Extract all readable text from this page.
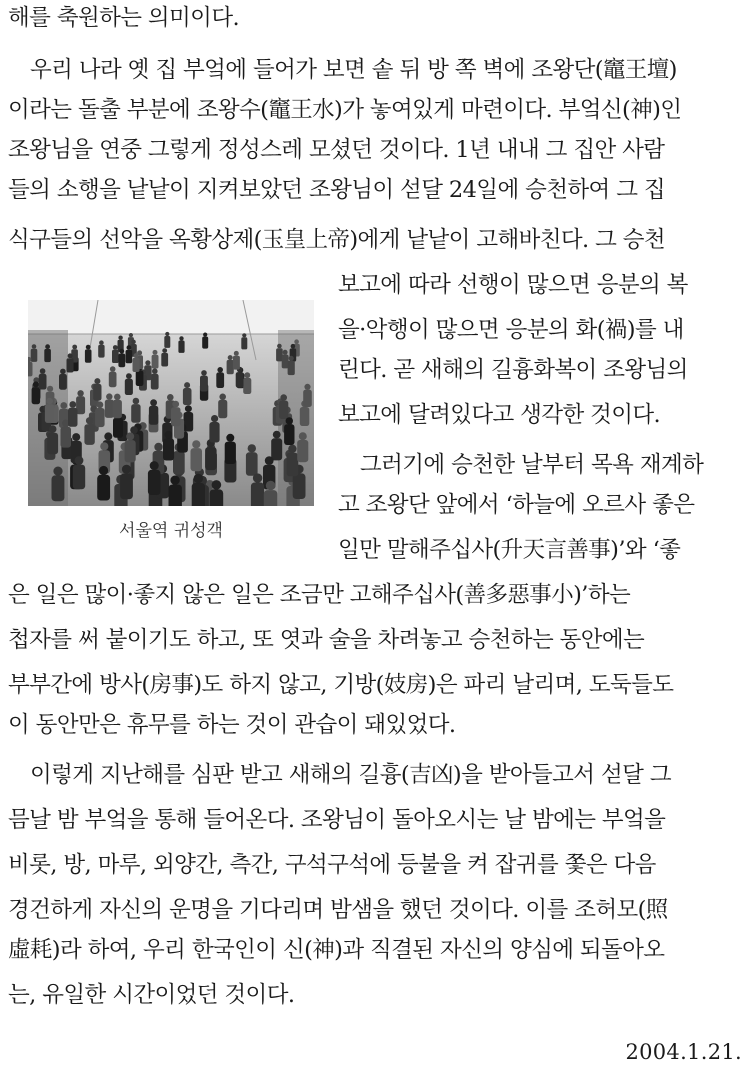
해를 축원하는 의미이다.
우리 나라 옛 집 부엌에 들어가 보면 솥 뒤 방 쪽 벽에 조왕단(竈王壇)
이라는 돌출 부분에 조왕수(竈王水)가 놓여있게 마련이다. 부엌신(神)인
조왕님을 연중 그렇게 정성스레 모셨던 것이다. 1년 내내 그 집안 사람
들의 소행을 낱낱이 지켜보았던 조왕님이 섣달 24일에 승천하여 그 집
식구들의 선악을 옥황상제(玉皇上帝)에게 낱낱이 고해바친다. 그 승천
보고에 따라 선행이 많으면 응분의 복
을·악행이 많으면 응분의 화(禍)를 내
린다. 곧 새해의 길흉화복이 조왕님의
보고에 달려있다고 생각한 것이다.
그러기에 승천한 날부터 목욕 재계하
고 조왕단 앞에서 ‘하늘에 오르사 좋은
일만 말해주십사(升天言善事)’와 ‘좋
은 일은 많이·좋지 않은 일은 조금만 고해주십사(善多惡事小)’하는
첩자를 써 붙이기도 하고, 또 엿과 술을 차려놓고 승천하는 동안에는
부부간에 방사(房事)도 하지 않고, 기방(妓房)은 파리 날리며, 도둑들도
이 동안만은 휴무를 하는 것이 관습이 돼있었다.
이렇게 지난해를 심판 받고 새해의 길흉(吉凶)을 받아들고서 섣달 그
믐날 밤 부엌을 통해 들어온다. 조왕님이 돌아오시는 날 밤에는 부엌을
비롯, 방, 마루, 외양간, 측간, 구석구석에 등불을 켜 잡귀를 쫓은 다음
경건하게 자신의 운명을 기다리며 밤샘을 했던 것이다. 이를 조허모(照
虛耗)라 하여, 우리 한국인이 신(神)과 직결된 자신의 양심에 되돌아오
는, 유일한 시간이었던 것이다.
서울역 귀성객
2004.1.21.
